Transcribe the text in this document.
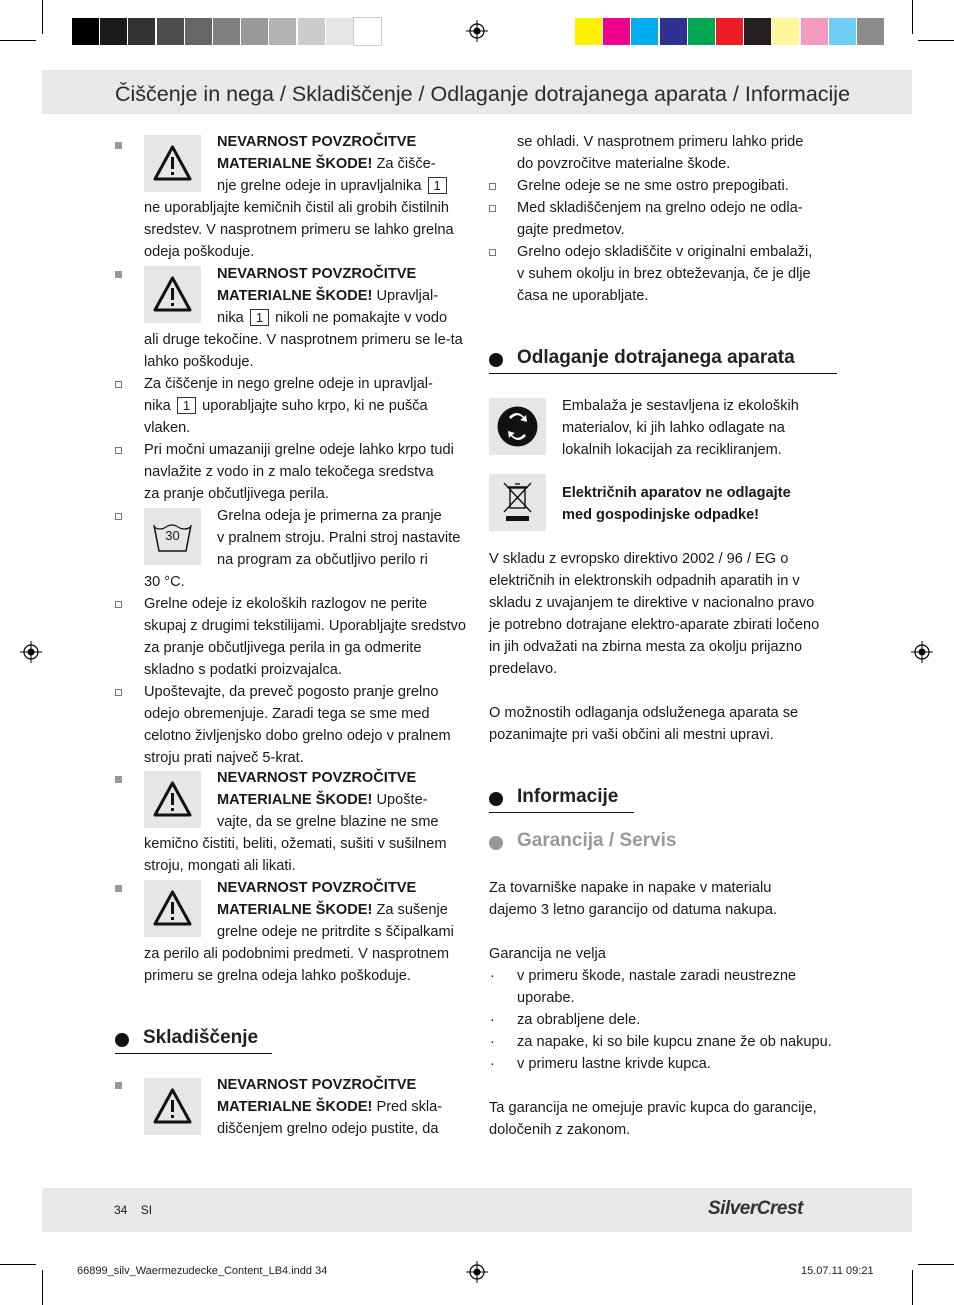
Čiščenje in nega / Skladiščenje / Odlaganje dotrajanega aparata / Informacije
NEVARNOST POVZROČITVE
MATERIALNE ŠKODE! Za čišče-
nje grelne odeje in upravljalnika 1
ne uporabljajte kemičnih čistil ali grobih čistilnih
sredstev. V nasprotnem primeru se lahko grelna
odeja poškoduje.
NEVARNOST POVZROČITVE
MATERIALNE ŠKODE! Upravljal-
nika 1 nikoli ne pomakajte v vodo
ali druge tekočine. V nasprotnem primeru se le-ta
lahko poškoduje.
Za čiščenje in nego grelne odeje in upravljal-
nika 1 uporabljajte suho krpo, ki ne pušča
vlaken.
Pri močni umazaniji grelne odeje lahko krpo tudi
navlažite z vodo in z malo tekočega sredstva
za pranje občutljivega perila.
30
Grelna odeja je primerna za pranje
v pralnem stroju. Pralni stroj nastavite
na program za občutljivo perilo ri
30 °C.
Grelne odeje iz ekoloških razlogov ne perite
skupaj z drugimi tekstilijami. Uporabljajte sredstvo
za pranje občutljivega perila in ga odmerite
skladno s podatki proizvajalca.
Upoštevajte, da preveč pogosto pranje grelno
odejo obremenjuje. Zaradi tega se sme med
celotno življenjsko dobo grelno odejo v pralnem
stroju prati največ 5-krat.
NEVARNOST POVZROČITVE
MATERIALNE ŠKODE! Upošte-
vajte, da se grelne blazine ne sme
kemično čistiti, beliti, ožemati, sušiti v sušilnem
stroju, mongati ali likati.
NEVARNOST POVZROČITVE
MATERIALNE ŠKODE! Za sušenje
grelne odeje ne pritrdite s ščipalkami
za perilo ali podobnimi predmeti. V nasprotnem
primeru se grelna odeja lahko poškoduje.
Skladiščenje
NEVARNOST POVZROČITVE
MATERIALNE ŠKODE! Pred skla-
diščenjem grelno odejo pustite, da
se ohladi. V nasprotnem primeru lahko pride
do povzročitve materialne škode.
Grelne odeje se ne sme ostro prepogibati.
Med skladiščenjem na grelno odejo ne odla-
gajte predmetov.
Grelno odejo skladiščite v originalni embalaži,
v suhem okolju in brez obteževanja, če je dlje
časa ne uporabljate.
Odlaganje dotrajanega aparata
Embalaža je sestavljena iz ekoloških
materialov, ki jih lahko odlagate na
lokalnih lokacijah za recikliranjem.
Električnih aparatov ne odlagajte
med gospodinjske odpadke!
V skladu z evropsko direktivo 2002 / 96 / EG o
električnih in elektronskih odpadnih aparatih in v
skladu z uvajanjem te direktive v nacionalno pravo
je potrebno dotrajane elektro-aparate zbirati ločeno
in jih odvažati na zbirna mesta za okolju prijazno
predelavo.
O možnostih odlaganja odsluženega aparata se
pozanimajte pri vaši občini ali mestni upravi.
Informacije
Garancija / Servis
Za tovarniške napake in napake v materialu
dajemo 3 letno garancijo od datuma nakupa.
Garancija ne velja
· v primeru škode, nastale zaradi neustrezne
uporabe.
· za obrabljene dele.
· za napake, ki so bile kupcu znane že ob nakupu.
· v primeru lastne krivde kupca.
Ta garancija ne omejuje pravic kupca do garancije,
določenih z zakonom.
34 SI	SilverCrest
66899_silv_Waermezudecke_Content_LB4.indd 34	15.07.11 09:21
